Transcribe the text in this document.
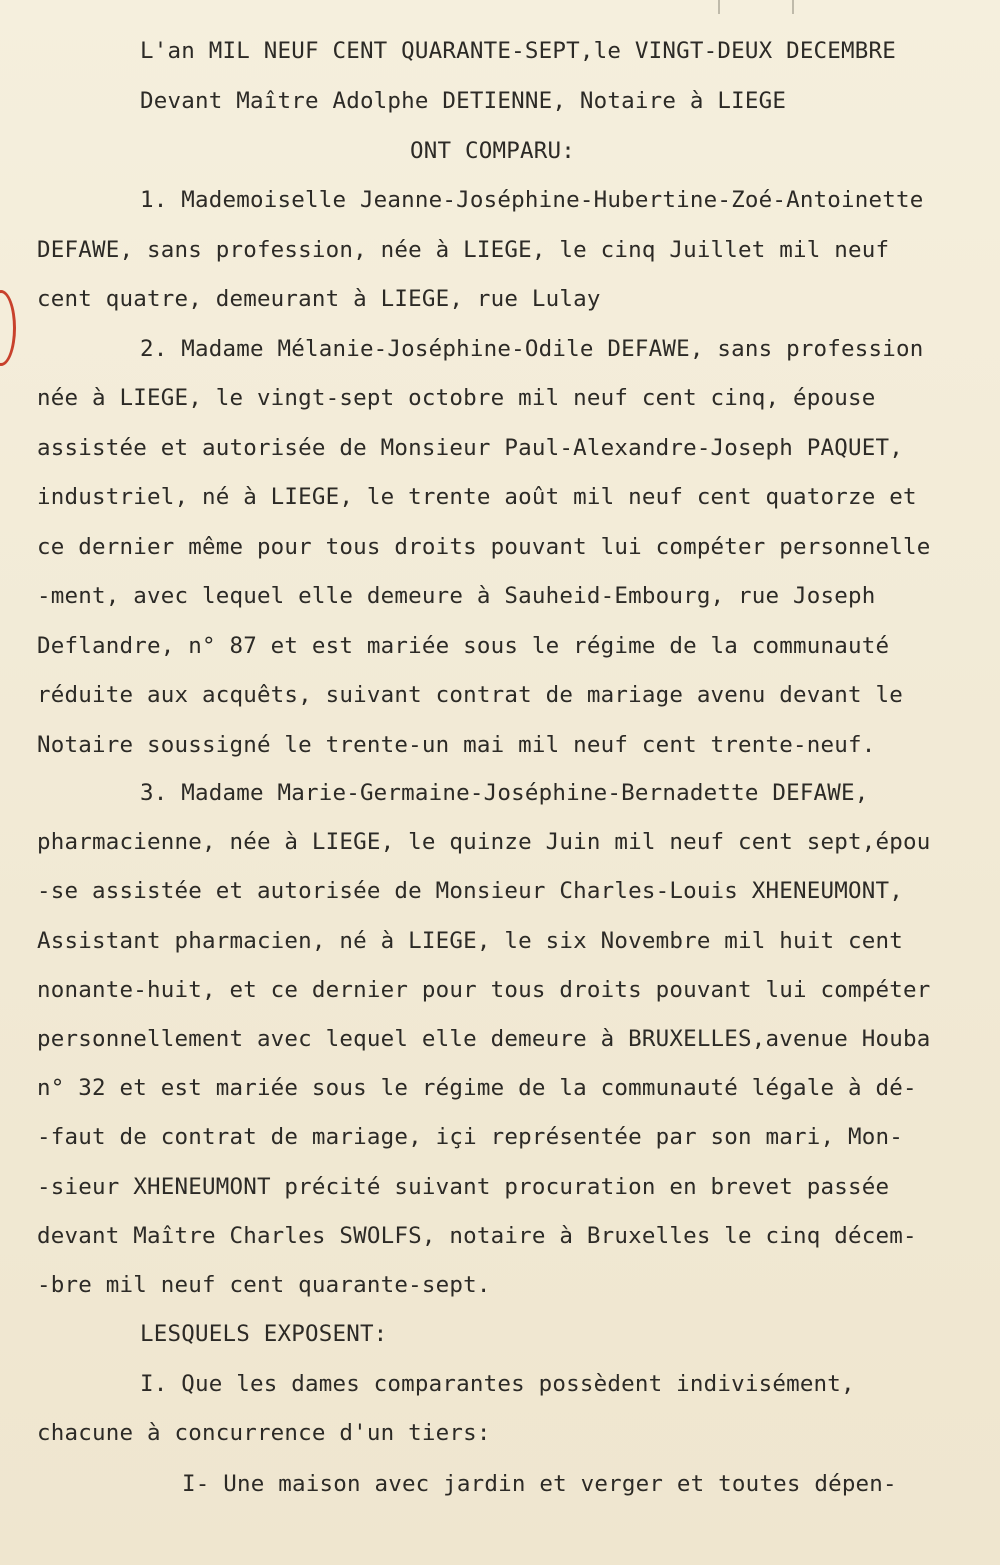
L'an MIL NEUF CENT QUARANTE-SEPT,le VINGT-DEUX DECEMBRE
Devant Maître Adolphe DETIENNE, Notaire à LIEGE
ONT COMPARU:
1. Mademoiselle Jeanne-Joséphine-Hubertine-Zoé-Antoinette
DEFAWE, sans profession, née à LIEGE, le cinq Juillet mil neuf
cent quatre, demeurant à LIEGE, rue Lulay
2. Madame Mélanie-Joséphine-Odile DEFAWE, sans profession
née à LIEGE, le vingt-sept octobre mil neuf cent cinq, épouse
assistée et autorisée de Monsieur Paul-Alexandre-Joseph PAQUET,
industriel, né à LIEGE, le trente août mil neuf cent quatorze et
ce dernier même pour tous droits pouvant lui compéter personnelle
-ment, avec lequel elle demeure à Sauheid-Embourg, rue Joseph
Deflandre, n° 87 et est mariée sous le régime de la communauté
réduite aux acquêts, suivant contrat de mariage avenu devant le
Notaire soussigné le trente-un mai mil neuf cent trente-neuf.
3. Madame Marie-Germaine-Joséphine-Bernadette DEFAWE,
pharmacienne, née à LIEGE, le quinze Juin mil neuf cent sept,épou
-se assistée et autorisée de Monsieur Charles-Louis XHENEUMONT,
Assistant pharmacien, né à LIEGE, le six Novembre mil huit cent
nonante-huit, et ce dernier pour tous droits pouvant lui compéter
personnellement avec lequel elle demeure à BRUXELLES,avenue Houba
n° 32 et est mariée sous le régime de la communauté légale à dé-
-faut de contrat de mariage, içi représentée par son mari, Mon-
-sieur XHENEUMONT précité suivant procuration en brevet passée
devant Maître Charles SWOLFS, notaire à Bruxelles le cinq décem-
-bre mil neuf cent quarante-sept.
LESQUELS EXPOSENT:
I. Que les dames comparantes possèdent indivisément,
chacune à concurrence d'un tiers:
I- Une maison avec jardin et verger et toutes dépen-
